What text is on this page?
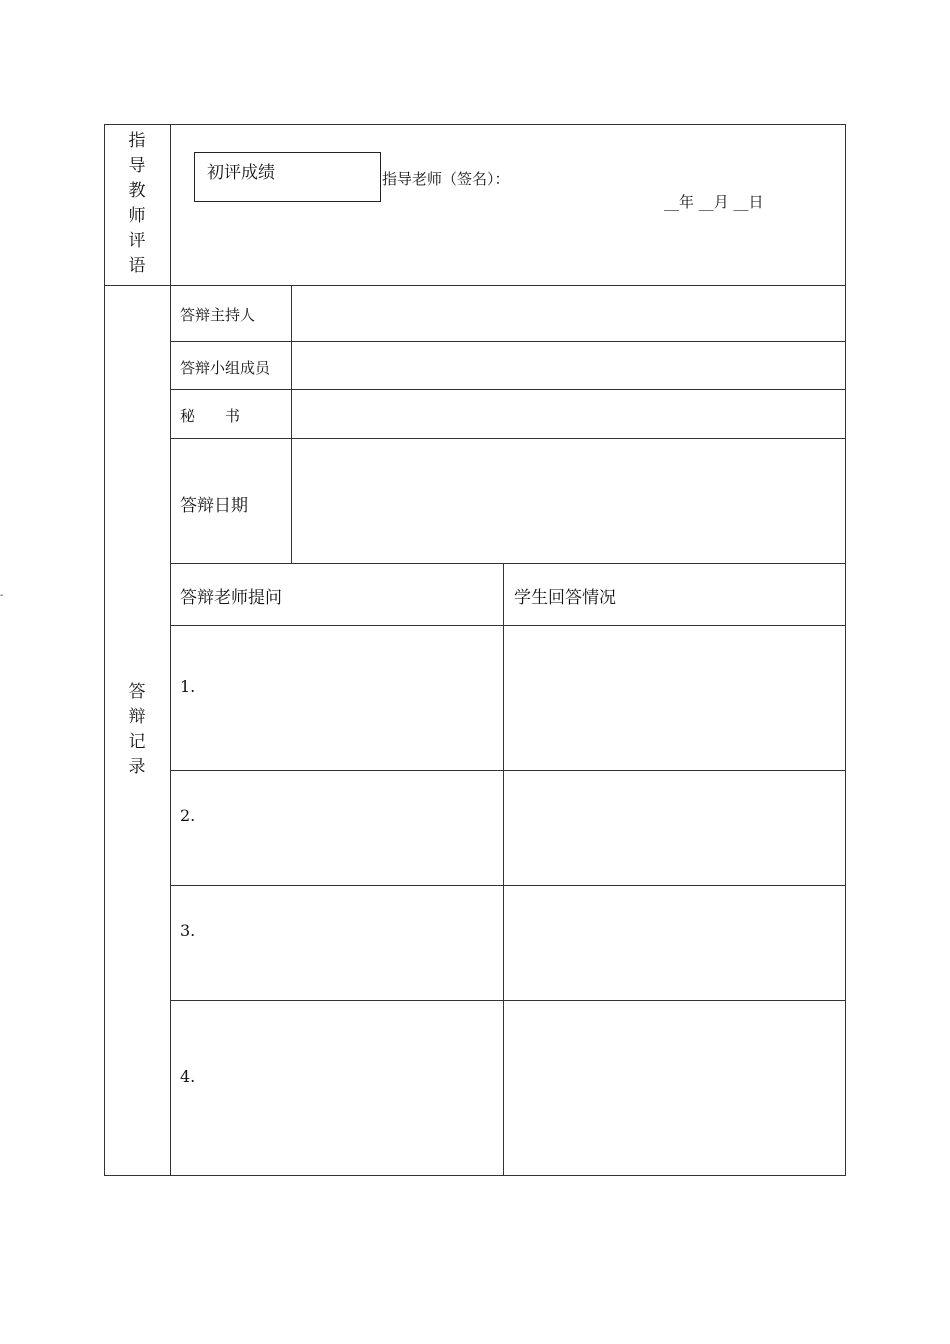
-
指导教师评语
初评成绩	指导老师（签名）：
__年 __月 __日
答辩记录
答辩主持人
答辩小组成员
秘　　书
答辩日期
答辩老师提问	学生回答情况
1.
2.
3.
4.
